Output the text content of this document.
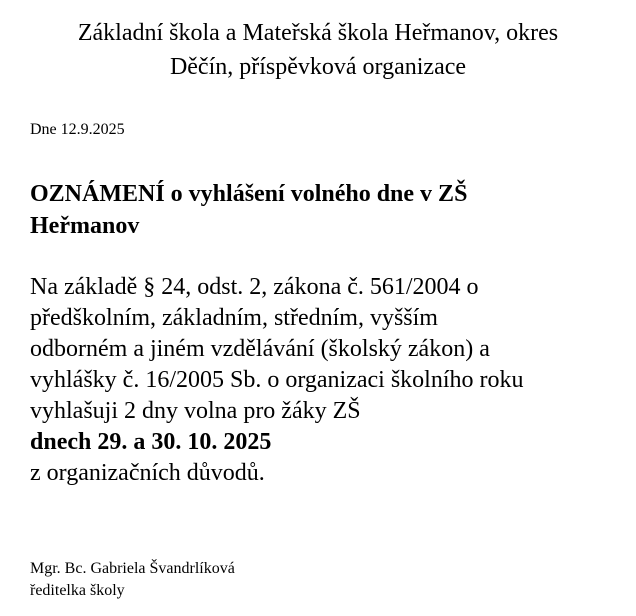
Základní škola a Mateřská škola Heřmanov, okres
Děčín, příspěvková organizace
Dne 12.9.2025
OZNÁMENÍ o vyhlášení volného dne v ZŠ
Heřmanov
Na základě § 24, odst. 2, zákona č. 561/2004 o
předškolním, základním, středním, vyšším
odborném a jiném vzdělávání (školský zákon) a
vyhlášky č. 16/2005 Sb. o organizaci školního roku
vyhlašuji 2 dny volna pro žáky ZŠ
dnech 29. a 30. 10. 2025
z organizačních důvodů.
Mgr. Bc. Gabriela Švandrlíková
ředitelka školy
